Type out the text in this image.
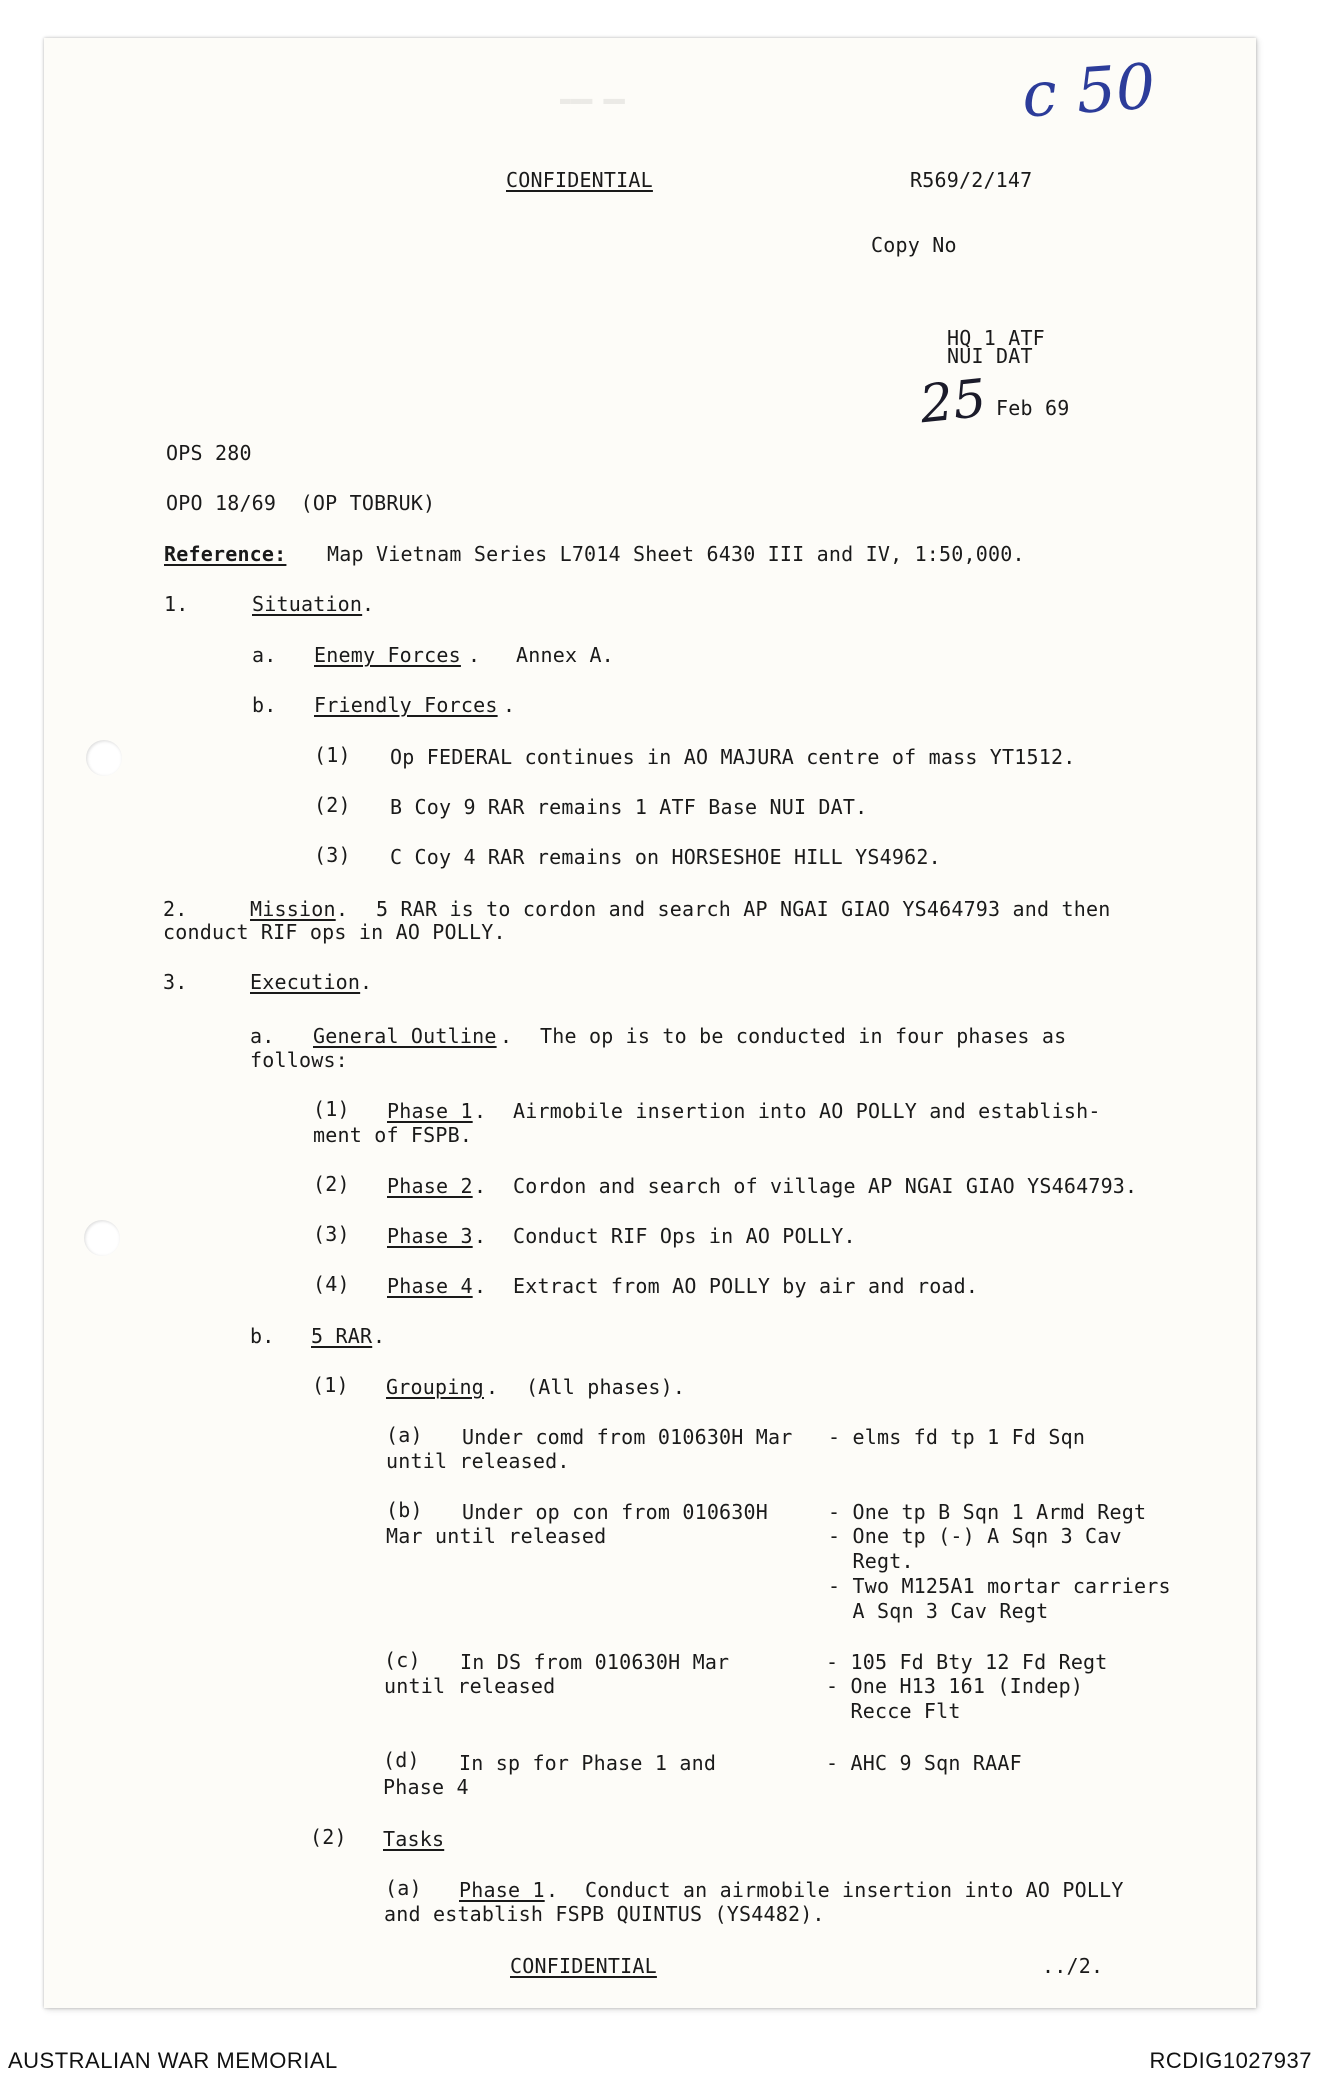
▬▬▬ ▬▬	c 50
CONFIDENTIAL	R569/2/147
Copy No
HQ 1 ATF
NUI DAT
25 Feb 69
OPS 280
OPO 18/69  (OP TOBRUK)
Reference: Map Vietnam Series L7014 Sheet 6430 III and IV, 1:50,000.
1.	Situation .
a. Enemy Forces . Annex A.
b. Friendly Forces .
(1) Op FEDERAL continues in AO MAJURA centre of mass YT1512.
(2) B Coy 9 RAR remains 1 ATF Base NUI DAT.
(3) C Coy 4 RAR remains on HORSESHOE HILL YS4962.
2.	Mission . 5 RAR is to cordon and search AP NGAI GIAO YS464793 and then
conduct RIF ops in AO POLLY.
3.	Execution .
a. General Outline . The op is to be conducted in four phases as
follows:
(1) Phase 1 . Airmobile insertion into AO POLLY and establish-
ment of FSPB.
(2) Phase 2 . Cordon and search of village AP NGAI GIAO YS464793.
(3) Phase 3 . Conduct RIF Ops in AO POLLY.
(4) Phase 4 . Extract from AO POLLY by air and road.
b. 5 RAR .
(1) Grouping . (All phases).
(a) Under comd from 010630H Mar
until released.
- elms fd tp 1 Fd Sqn
(b) Under op con from 010630H
Mar until released
- One tp B Sqn 1 Armd Regt
- One tp (-) A Sqn 3 Cav
Regt.
- Two M125A1 mortar carriers
A Sqn 3 Cav Regt
(c) In DS from 010630H Mar
until released
- 105 Fd Bty 12 Fd Regt
- One H13 161 (Indep)
Recce Flt
(d) In sp for Phase 1 and
Phase 4
- AHC 9 Sqn RAAF
(2) Tasks
(a) Phase 1 . Conduct an airmobile insertion into AO POLLY
and establish FSPB QUINTUS (YS4482).
CONFIDENTIAL	../2.
AUSTRALIAN WAR MEMORIAL	RCDIG1027937
